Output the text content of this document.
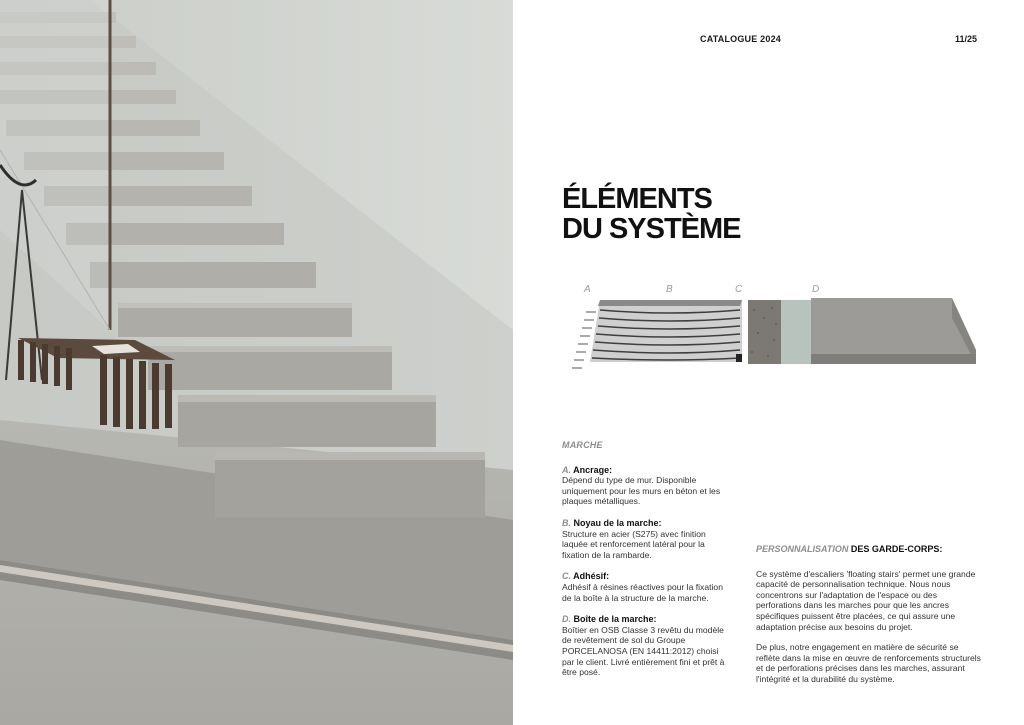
CATALOGUE 2024	11/25
ÉLÉMENTS
DU SYSTÈME
A	B	C	D
MARCHE
A. Ancrage:
Dépend du type de mur. Disponible uniquement pour les murs en béton et les plaques métalliques.
B. Noyau de la marche:
Structure en acier (S275) avec finition laquée et renforcement latéral pour la fixation de la rambarde.
C. Adhésif:
Adhésif à résines réactives pour la fixation de la boîte à la structure de la marche.
D. Boîte de la marche:
Boîtier en OSB Classe 3 revêtu du modèle de revêtement de sol du Groupe PORCELANOSA (EN 14411:2012) choisi par le client. Livré entièrement fini et prêt à être posé.
PERSONNALISATION DES GARDE-CORPS:
Ce système d'escaliers 'floating stairs' permet une grande capacité de personnalisation technique. Nous nous concentrons sur l'adaptation de l'espace ou des perforations dans les marches pour que les ancres spécifiques puissent être placées, ce qui assure une adaptation précise aux besoins du projet.
De plus, notre engagement en matière de sécurité se reflète dans la mise en œuvre de renforcements structurels et de perforations précises dans les marches, assurant l'intégrité et la durabilité du système.
